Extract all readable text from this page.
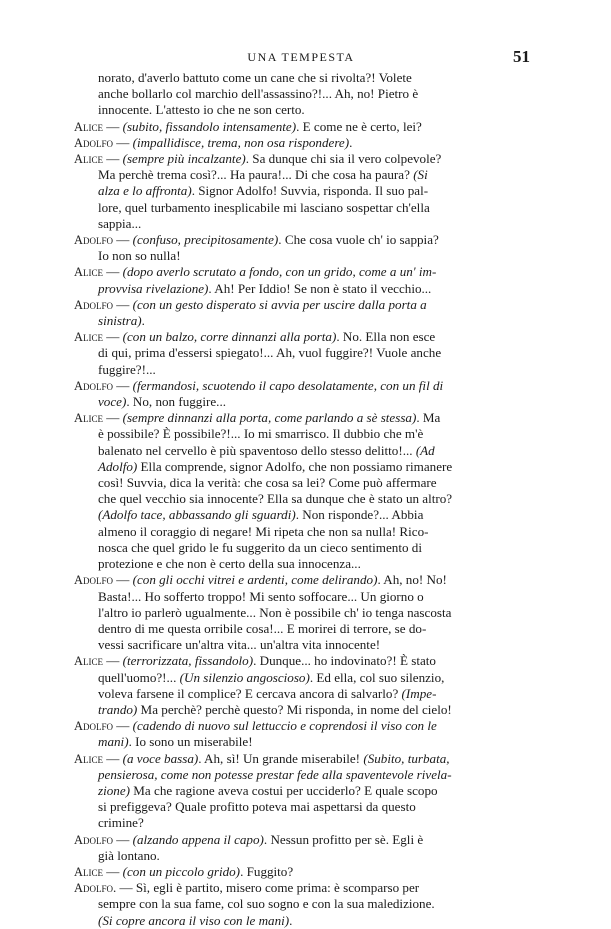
UNA TEMPESTA	51
norato, d'averlo battuto come un cane che si rivolta?! Volete
anche bollarlo col marchio dell'assassino?!... Ah, no! Pietro è
innocente. L'attesto io che ne son certo.
Alice — (subito, fissandolo intensamente). E come ne è certo, lei?
Adolfo — (impallidisce, trema, non osa rispondere).
Alice — (sempre più incalzante). Sa dunque chi sia il vero colpevole?
Ma perchè trema così?... Ha paura!... Di che cosa ha paura? (Si
alza e lo affronta). Signor Adolfo! Suvvia, risponda. Il suo pal-
lore, quel turbamento inesplicabile mi lasciano sospettar ch'ella
sappia...
Adolfo — (confuso, precipitosamente). Che cosa vuole ch' io sappia?
Io non so nulla!
Alice — (dopo averlo scrutato a fondo, con un grido, come a un' im-
provvisa rivelazione). Ah! Per Iddio! Se non è stato il vecchio...
Adolfo — (con un gesto disperato si avvia per uscire dalla porta a
sinistra).
Alice — (con un balzo, corre dinnanzi alla porta). No. Ella non esce
di qui, prima d'essersi spiegato!... Ah, vuol fuggire?! Vuole anche
fuggire?!...
Adolfo — (fermandosi, scuotendo il capo desolatamente, con un fil di
voce). No, non fuggire...
Alice — (sempre dinnanzi alla porta, come parlando a sè stessa). Ma
è possibile? È possibile?!... Io mi smarrisco. Il dubbio che m'è
balenato nel cervello è più spaventoso dello stesso delitto!... (Ad
Adolfo) Ella comprende, signor Adolfo, che non possiamo rimanere
così! Suvvia, dica la verità: che cosa sa lei? Come può affermare
che quel vecchio sia innocente? Ella sa dunque che è stato un altro?
(Adolfo tace, abbassando gli sguardi). Non risponde?... Abbia
almeno il coraggio di negare! Mi ripeta che non sa nulla! Rico-
nosca che quel grido le fu suggerito da un cieco sentimento di
protezione e che non è certo della sua innocenza...
Adolfo — (con gli occhi vitrei e ardenti, come delirando). Ah, no! No!
Basta!... Ho sofferto troppo! Mi sento soffocare... Un giorno o
l'altro io parlerò ugualmente... Non è possibile ch' io tenga nascosta
dentro di me questa orribile cosa!... E morirei di terrore, se do-
vessi sacrificare un'altra vita... un'altra vita innocente!
Alice — (terrorizzata, fissandolo). Dunque... ho indovinato?! È stato
quell'uomo?!... (Un silenzio angoscioso). Ed ella, col suo silenzio,
voleva farsene il complice? E cercava ancora di salvarlo? (Impe-
trando) Ma perchè? perchè questo? Mi risponda, in nome del cielo!
Adolfo — (cadendo di nuovo sul lettuccio e coprendosi il viso con le
mani). Io sono un miserabile!
Alice — (a voce bassa). Ah, sì! Un grande miserabile! (Subito, turbata,
pensierosa, come non potesse prestar fede alla spaventevole rivela-
zione) Ma che ragione aveva costui per ucciderlo? E quale scopo
si prefiggeva? Quale profitto poteva mai aspettarsi da questo
crimine?
Adolfo — (alzando appena il capo). Nessun profitto per sè. Egli è
già lontano.
Alice — (con un piccolo grido). Fuggito?
Adolfo. — Sì, egli è partito, misero come prima: è scomparso per
sempre con la sua fame, col suo sogno e con la sua maledizione.
(Si copre ancora il viso con le mani).
